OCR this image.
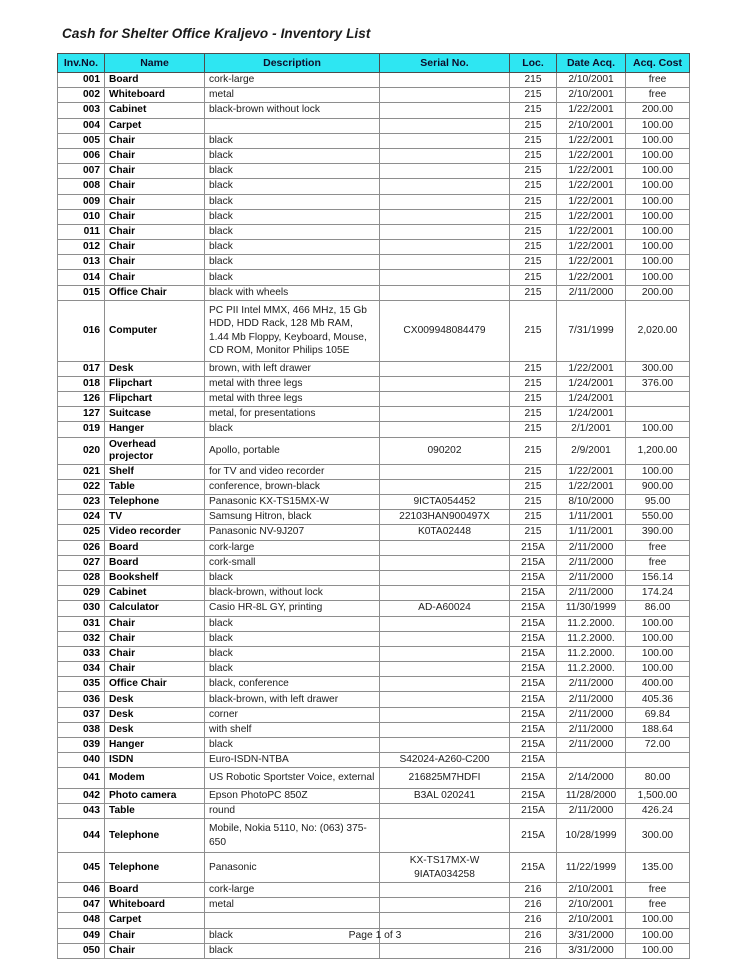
Cash for Shelter Office Kraljevo - Inventory List
Inv.No.	Name	Description	Serial No.	Loc.	Date Acq.	Acq. Cost
001	Board	cork-large		215	2/10/2001	free
002	Whiteboard	metal		215	2/10/2001	free
003	Cabinet	black-brown without lock		215	1/22/2001	200.00
004	Carpet			215	2/10/2001	100.00
005	Chair	black		215	1/22/2001	100.00
006	Chair	black		215	1/22/2001	100.00
007	Chair	black		215	1/22/2001	100.00
008	Chair	black		215	1/22/2001	100.00
009	Chair	black		215	1/22/2001	100.00
010	Chair	black		215	1/22/2001	100.00
011	Chair	black		215	1/22/2001	100.00
012	Chair	black		215	1/22/2001	100.00
013	Chair	black		215	1/22/2001	100.00
014	Chair	black		215	1/22/2001	100.00
015	Office Chair	black with wheels		215	2/11/2000	200.00
016	Computer	PC PII Intel MMX, 466 MHz, 15 Gb HDD, HDD Rack, 128 Mb RAM, 1.44 Mb Floppy, Keyboard, Mouse, CD ROM, Monitor Philips 105E	CX009948084479	215	7/31/1999	2,020.00
017	Desk	brown, with left drawer		215	1/22/2001	300.00
018	Flipchart	metal with three legs		215	1/24/2001	376.00
126	Flipchart	metal with three legs		215	1/24/2001	
127	Suitcase	metal, for presentations		215	1/24/2001	
019	Hanger	black		215	2/1/2001	100.00
020	Overhead projector	Apollo, portable	090202	215	2/9/2001	1,200.00
021	Shelf	for TV and video recorder		215	1/22/2001	100.00
022	Table	conference, brown-black		215	1/22/2001	900.00
023	Telephone	Panasonic KX-TS15MX-W	9ICTA054452	215	8/10/2000	95.00
024	TV	Samsung Hitron, black	22103HAN900497X	215	1/11/2001	550.00
025	Video recorder	Panasonic NV-9J207	K0TA02448	215	1/11/2001	390.00
026	Board	cork-large		215A	2/11/2000	free
027	Board	cork-small		215A	2/11/2000	free
028	Bookshelf	black		215A	2/11/2000	156.14
029	Cabinet	black-brown, without lock		215A	2/11/2000	174.24
030	Calculator	Casio HR-8L GY, printing	AD-A60024	215A	11/30/1999	86.00
031	Chair	black		215A	11.2.2000.	100.00
032	Chair	black		215A	11.2.2000.	100.00
033	Chair	black		215A	11.2.2000.	100.00
034	Chair	black		215A	11.2.2000.	100.00
035	Office Chair	black, conference		215A	2/11/2000	400.00
036	Desk	black-brown, with left drawer		215A	2/11/2000	405.36
037	Desk	corner		215A	2/11/2000	69.84
038	Desk	with shelf		215A	2/11/2000	188.64
039	Hanger	black		215A	2/11/2000	72.00
040	ISDN	Euro-ISDN-NTBA	S42024-A260-C200	215A		
041	Modem	US Robotic Sportster Voice, external	216825M7HDFI	215A	2/14/2000	80.00
042	Photo camera	Epson PhotoPC 850Z	B3AL 020241	215A	11/28/2000	1,500.00
043	Table	round		215A	2/11/2000	426.24
044	Telephone	Mobile, Nokia 5110, No: (063) 375-650		215A	10/28/1999	300.00
045	Telephone	Panasonic	KX-TS17MX-W 9IATA034258	215A	11/22/1999	135.00
046	Board	cork-large		216	2/10/2001	free
047	Whiteboard	metal		216	2/10/2001	free
048	Carpet			216	2/10/2001	100.00
049	Chair	black		216	3/31/2000	100.00
050	Chair	black		216	3/31/2000	100.00
Page 1 of 3
